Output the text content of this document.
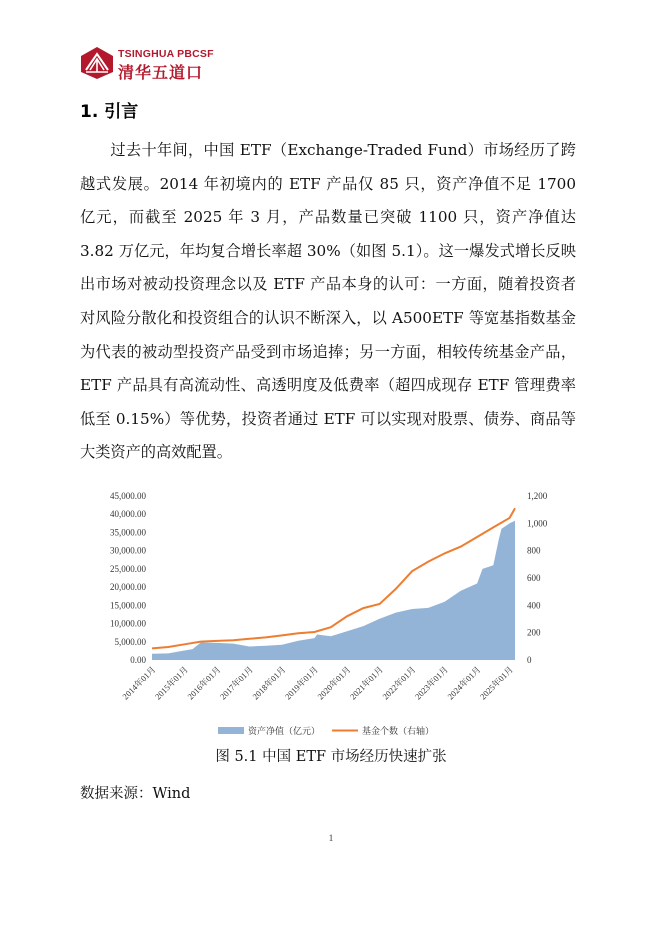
TSINGHUA PBCSF
清华五道口
1. 引言

过去十年间，中国 ETF（Exchange-Traded Fund）市场经历了跨越式发展。2014 年初境内的 ETF 产品仅 85 只，资产净值不足 1700 亿元，而截至 2025 年 3 月，产品数量已突破 1100 只，资产净值达 3.82 万亿元，年均复合增长率超 30%（如图 5.1）。这一爆发式增长反映出市场对被动投资理念以及 ETF 产品本身的认可：一方面，随着投资者对风险分散化和投资组合的认识不断深入，以 A500ETF 等宽基指数基金为代表的被动型投资产品受到市场追捧；另一方面，相较传统基金产品，ETF 产品具有高流动性、高透明度及低费率（超四成现存 ETF 管理费率低至 0.15%）等优势，投资者通过 ETF 可以实现对股票、债券、商品等大类资产的高效配置。

0.00
5,000.00
10,000.00
15,000.00
20,000.00
25,000.00
30,000.00
35,000.00
40,000.00
45,000.00
0
200
400
600
800
1,000
1,200
2014年01月
2015年01月
2016年01月
2017年01月
2018年01月
2019年01月
2020年01月
2021年01月
2022年01月
2023年01月
2024年01月
2025年01月
资产净值（亿元）	基金个数（右轴）
图 5.1 中国 ETF 市场经历快速扩张
数据来源：Wind
1
